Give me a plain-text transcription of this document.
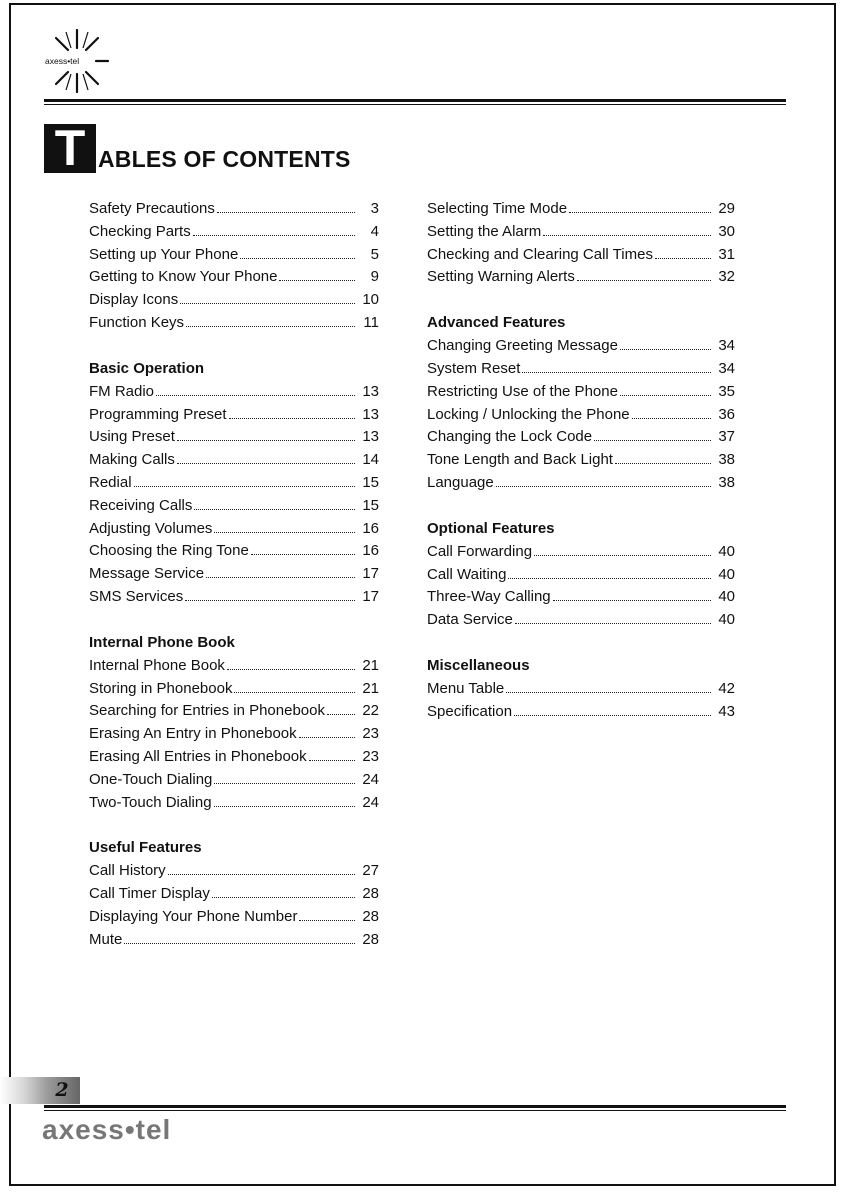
axess•tel
T ABLES OF CONTENTS
Safety Precautions	3
Checking Parts	4
Setting up Your Phone	5
Getting to Know Your Phone	9
Display Icons	10
Function Keys	11
Basic Operation
FM Radio	13
Programming Preset	13
Using Preset	13
Making Calls	14
Redial	15
Receiving Calls	15
Adjusting Volumes	16
Choosing the Ring Tone	16
Message Service	17
SMS Services	17
Internal Phone Book
Internal Phone Book	21
Storing in Phonebook	21
Searching for Entries in Phonebook	22
Erasing An Entry in Phonebook	23
Erasing All Entries in Phonebook	23
One-Touch Dialing	24
Two-Touch Dialing	24
Useful Features
Call History	27
Call Timer Display	28
Displaying Your Phone Number	28
Mute	28
Selecting Time Mode	29
Setting the Alarm	30
Checking and Clearing Call Times	31
Setting Warning Alerts	32
Advanced Features
Changing Greeting Message	34
System Reset	34
Restricting Use of the Phone	35
Locking / Unlocking the Phone	36
Changing the Lock Code	37
Tone Length and Back Light	38
Language	38
Optional Features
Call Forwarding	40
Call Waiting	40
Three-Way Calling	40
Data Service	40
Miscellaneous
Menu Table	42
Specification	43
2
axess•tel
